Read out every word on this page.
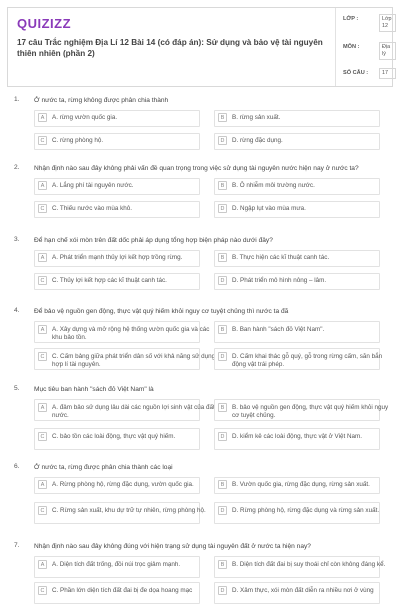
QUIZIZZ
17 câu Trắc nghiệm Địa Lí 12 Bài 14 (có đáp án): Sử dụng và bảo vệ tài nguyên thiên nhiên (phần 2)
LỚP :	Lớp 12
MÔN :	Địa lý
SỐ CÂU :	17
1. Ở nước ta, rừng không được phân chia thành
A	A. rừng vườn quốc gia.	B	B. rừng sản xuất.
C	C. rừng phòng hộ.	D	D. rừng đặc dụng.
2. Nhận định nào sau đây không phải vấn đề quan trọng trong việc sử dụng tài nguyên nước hiện nay ở nước ta?
A	A. Lắng phí tài nguyên nước.	B	B. Ô nhiễm môi trường nước.
C	C. Thiếu nước vào mùa khô.	D	D. Ngập lụt vào mùa mưa.
3. Để hạn chế xói mòn trên đất dốc phải áp dụng tổng hợp biện pháp nào dưới đây?
A	A. Phát triển mạnh thủy lợi kết hợp trồng rừng.	B	B. Thực hiện các kĩ thuật canh tác.
C	C. Thủy lợi kết hợp các kĩ thuật canh tác.	D	D. Phát triển mô hình nông – lâm.
4. Để bảo vệ nguồn gen động, thực vật quý hiếm khỏi nguy cơ tuyệt chủng thì nước ta đã
A	A. Xây dựng và mở rộng hệ thống vườn quốc gia và các khu bảo tồn.
B	B. Ban hành "sách đỏ Việt Nam".
C	C. Cấm bảng giữa phát triển dân số với khả năng sử dụng hợp lí tài nguyên.
D	D. Cấm khai thác gỗ quý, gỗ trong rừng cấm, săn bắn động vật trái phép.
5. Mục tiêu ban hành "sách đỏ Việt Nam" là
A	A. đảm bảo sử dụng lâu dài các nguồn lợi sinh vật của đất nước.
B	B. bảo vệ nguồn gen động, thực vật quý hiếm khỏi nguy cơ tuyệt chủng.
C	C. bảo tồn các loài động, thực vật quý hiếm.	D	D. kiểm kê các loài động, thực vật ở Việt Nam.
6. Ở nước ta, rừng được phân chia thành các loại
A	A. Rừng phòng hộ, rừng đặc dụng, vườn quốc gia.	B	B. Vườn quốc gia, rừng đặc dụng, rừng sản xuất.
C	C. Rừng sản xuất, khu dự trữ tự nhiên, rừng phòng hộ.	D	D. Rừng phòng hộ, rừng đặc dụng và rừng sản xuất.
7. Nhận định nào sau đây không đúng với hiện trạng sử dụng tài nguyên đất ở nước ta hiện nay?
A	A. Diện tích đất trống, đồi núi trọc giảm mạnh.	B	B. Diện tích đất đai bị suy thoái chỉ còn không đáng kể.
C	C. Phần lớn diện tích đất đai bị đe dọa hoang mạc	D	D. Xâm thực, xói mòn đất diễn ra nhiều nơi ở vùng
